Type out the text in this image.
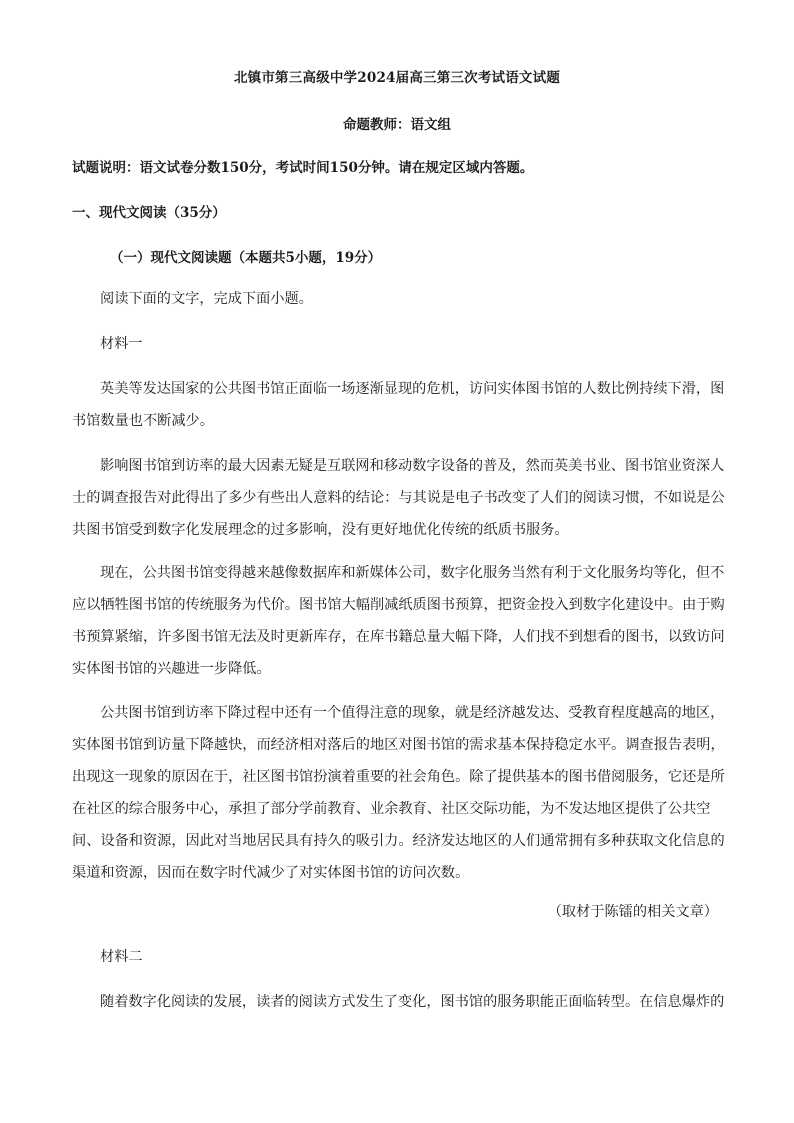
北镇市第三高级中学2024届高三第三次考试语文试题
命题教师：语文组
试题说明：语文试卷分数150分，考试时间150分钟。请在规定区域内答题。
一、现代文阅读（35分）
（一）现代文阅读题（本题共5小题，19分）
阅读下面的文字，完成下面小题。
材料一
英美等发达国家的公共图书馆正面临一场逐渐显现的危机，访问实体图书馆的人数比例持续下滑，图
书馆数量也不断减少。
影响图书馆到访率的最大因素无疑是互联网和移动数字设备的普及，然而英美书业、图书馆业资深人
士的调查报告对此得出了多少有些出人意料的结论：与其说是电子书改变了人们的阅读习惯，不如说是公
共图书馆受到数字化发展理念的过多影响，没有更好地优化传统的纸质书服务。
现在，公共图书馆变得越来越像数据库和新媒体公司，数字化服务当然有利于文化服务均等化，但不
应以牺牲图书馆的传统服务为代价。图书馆大幅削减纸质图书预算，把资金投入到数字化建设中。由于购
书预算紧缩，许多图书馆无法及时更新库存，在库书籍总量大幅下降，人们找不到想看的图书，以致访问
实体图书馆的兴趣进一步降低。
公共图书馆到访率下降过程中还有一个值得注意的现象，就是经济越发达、受教育程度越高的地区，
实体图书馆到访量下降越快，而经济相对落后的地区对图书馆的需求基本保持稳定水平。调查报告表明，
出现这一现象的原因在于，社区图书馆扮演着重要的社会角色。除了提供基本的图书借阅服务，它还是所
在社区的综合服务中心，承担了部分学前教育、业余教育、社区交际功能，为不发达地区提供了公共空
间、设备和资源，因此对当地居民具有持久的吸引力。经济发达地区的人们通常拥有多种获取文化信息的
渠道和资源，因而在数字时代减少了对实体图书馆的访问次数。
（取材于陈镭的相关文章）
材料二
随着数字化阅读的发展，读者的阅读方式发生了变化，图书馆的服务职能正面临转型。在信息爆炸的
